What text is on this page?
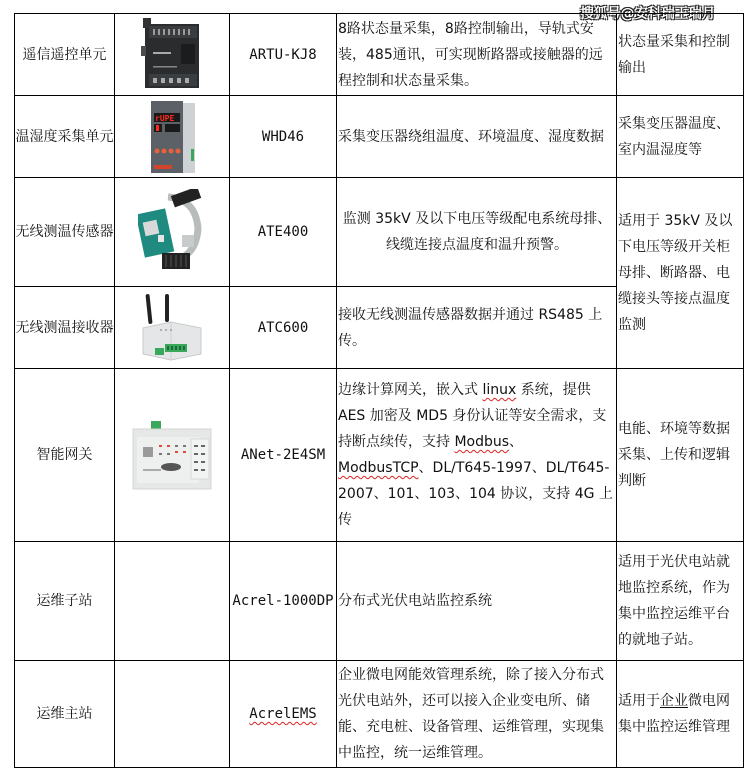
搜狐号@安科瑞王瑞月
遥信遥控单元		ARTU-KJ8	8路状态量采集，8路控制输出，导轨式安装，485通讯，可实现断路器或接触器的远程控制和状态量采集。	状态量采集和控制输出
温湿度采集单元	rUPE	WHD46	采集变压器绕组温度、环境温度、湿度数据	采集变压器温度、室内温湿度等
无线测温传感器		ATE400	监测 35kV 及以下电压等级配电系统母排、线缆连接点温度和温升预警。	适用于 35kV 及以下电压等级开关柜母排、断路器、电缆接头等接点温度监测
无线测温接收器		ATC600	接收无线测温传感器数据并通过 RS485 上传。	
智能网关		ANet-2E4SM	边缘计算网关，嵌入式 linux 系统，提供 AES 加密及 MD5 身份认证等安全需求，支持断点续传，支持 Modbus、ModbusTCP、DL/T645-1997、DL/T645-2007、101、103、104 协议，支持 4G 上传	电能、环境等数据采集、上传和逻辑判断
运维子站		Acrel-1000DP	分布式光伏电站监控系统	适用于光伏电站就地监控系统，作为集中监控运维平台的就地子站。
运维主站		AcrelEMS	企业微电网能效管理系统，除了接入分布式光伏电站外，还可以接入企业变电所、储能、充电桩、设备管理、运维管理，实现集中监控，统一运维管理。	适用于企业微电网集中监控运维管理
